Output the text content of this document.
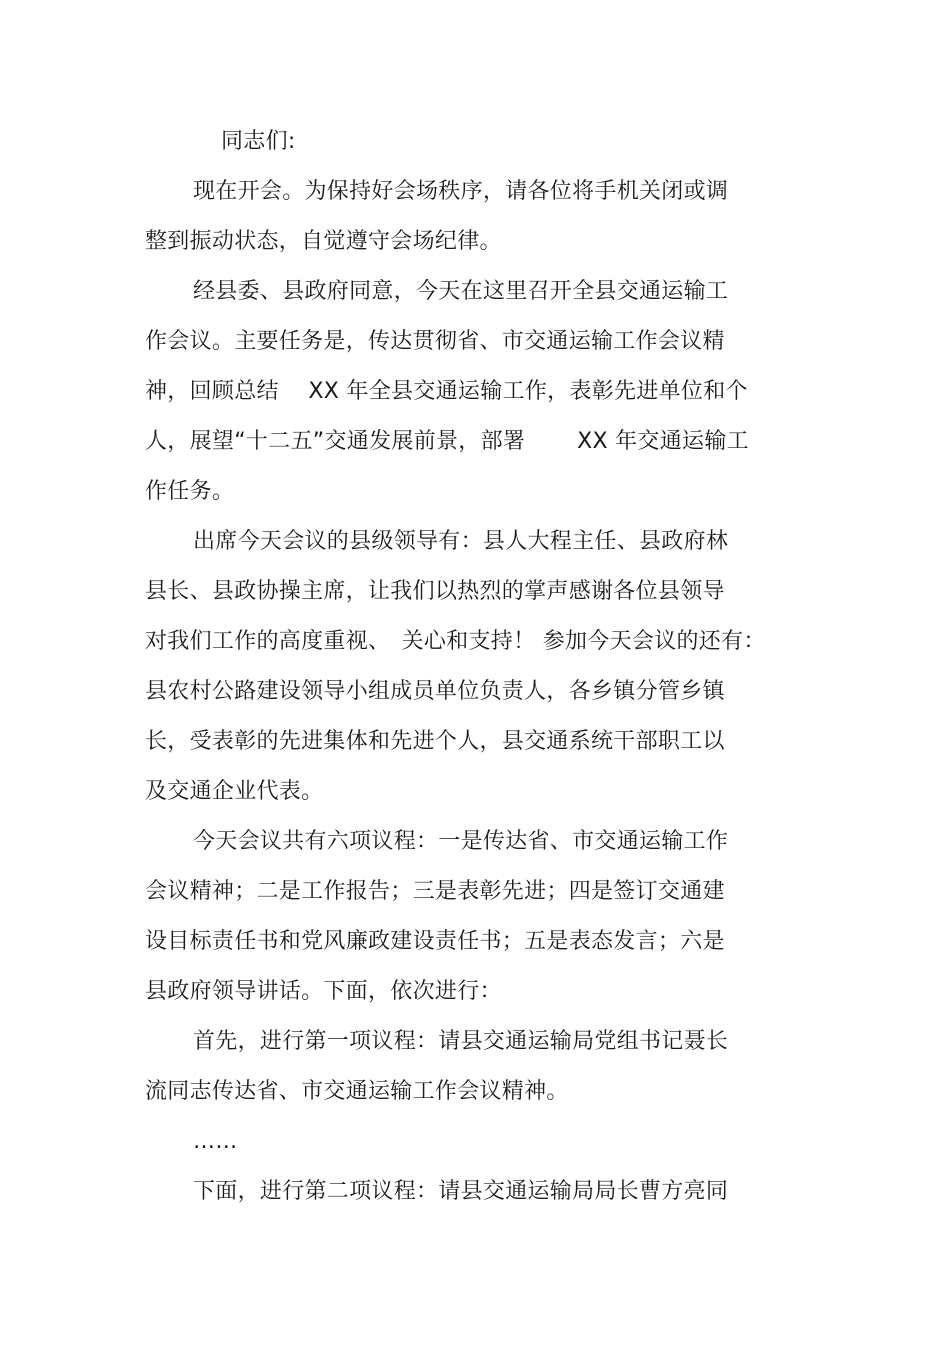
同志们:

现在开会。为保持好会场秩序，请各位将手机关闭或调

整到振动状态，自觉遵守会场纪律。

经县委、县政府同意，今天在这里召开全县交通运输工

作会议。主要任务是，传达贯彻省、市交通运输工作会议精

神，回顾总结　 XX 年全县交通运输工作，表彰先进单位和个

人，展望“十二五”交通发展前景，部署　　 XX 年交通运输工

作任务。

出席今天会议的县级领导有：县人大程主任、县政府林

县长、县政协操主席，让我们以热烈的掌声感谢各位县领导

对我们工作的高度重视、　关心和支持！ 参加今天会议的还有：

县农村公路建设领导小组成员单位负责人，各乡镇分管乡镇

长，受表彰的先进集体和先进个人，县交通系统干部职工以

及交通企业代表。

今天会议共有六项议程：一是传达省、市交通运输工作

会议精神；二是工作报告；三是表彰先进；四是签订交通建

设目标责任书和党风廉政建设责任书；五是表态发言；六是

县政府领导讲话。下面，依次进行：

首先，进行第一项议程：请县交通运输局党组书记聂长

流同志传达省、市交通运输工作会议精神。

……

下面，进行第二项议程：请县交通运输局局长曹方亮同
